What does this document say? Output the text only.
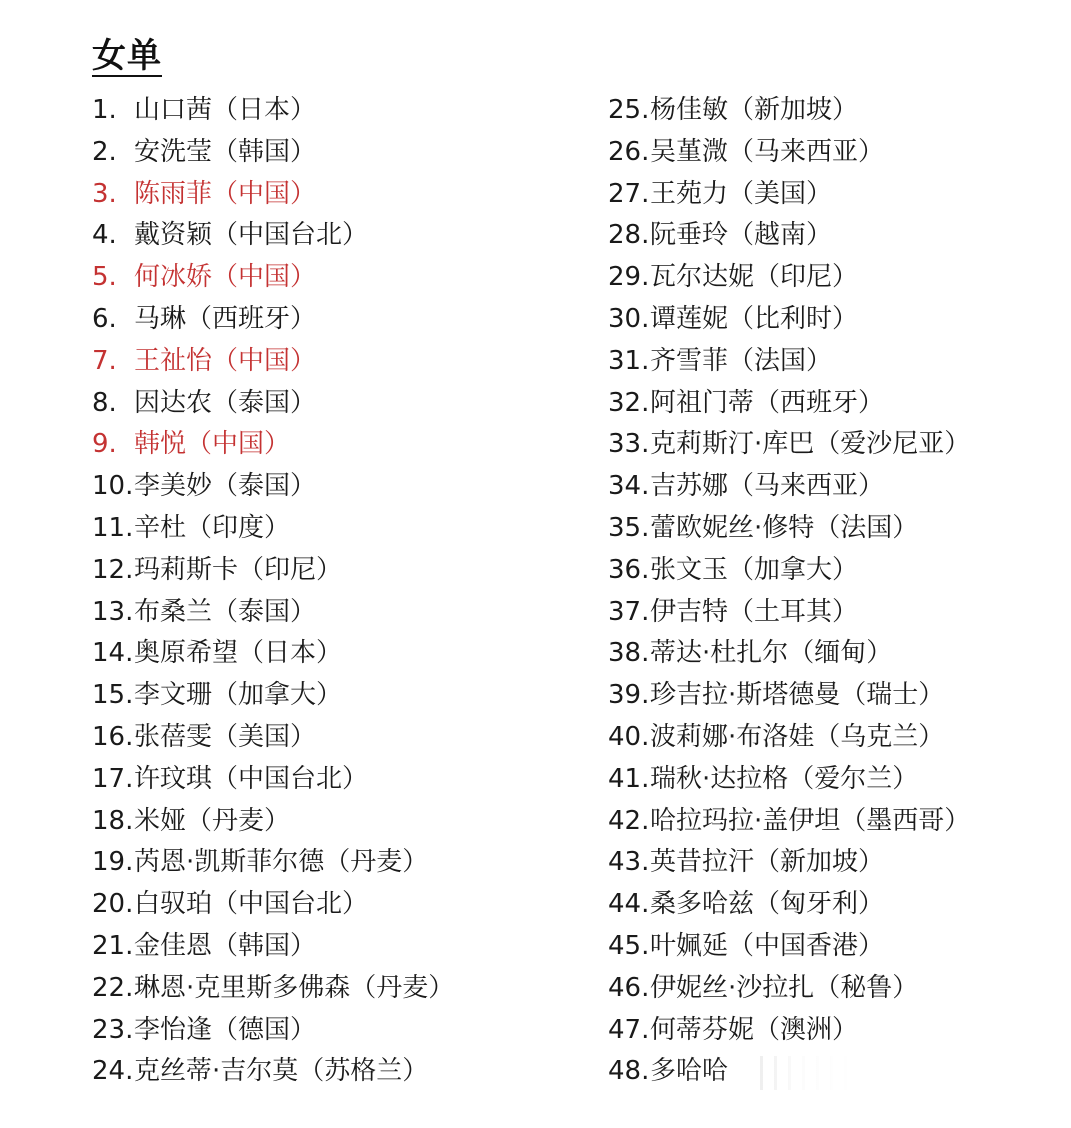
女单
1. 山口茜（日本）
2. 安洗莹（韩国）
3. 陈雨菲（中国）
4. 戴资颖（中国台北）
5. 何冰娇（中国）
6. 马琳（西班牙）
7. 王祉怡（中国）
8. 因达农（泰国）
9. 韩悦（中国）
10. 李美妙（泰国）
11. 辛杜（印度）
12. 玛莉斯卡（印尼）
13. 布桑兰（泰国）
14. 奥原希望（日本）
15. 李文珊（加拿大）
16. 张蓓雯（美国）
17. 许玟琪（中国台北）
18. 米娅（丹麦）
19. 芮恩·凯斯菲尔德（丹麦）
20. 白驭珀（中国台北）
21. 金佳恩（韩国）
22. 琳恩·克里斯多佛森（丹麦）
23. 李怡逢（德国）
24. 克丝蒂·吉尔莫（苏格兰）
25. 杨佳敏（新加坡）
26. 吴堇溦（马来西亚）
27. 王苑力（美国）
28. 阮垂玲（越南）
29. 瓦尔达妮（印尼）
30. 谭莲妮（比利时）
31. 齐雪菲（法国）
32. 阿祖门蒂（西班牙）
33. 克莉斯汀·库巴（爱沙尼亚）
34. 吉苏娜（马来西亚）
35. 蕾欧妮丝·修特（法国）
36. 张文玉（加拿大）
37. 伊吉特（土耳其）
38. 蒂达·杜扎尔（缅甸）
39. 珍吉拉·斯塔德曼（瑞士）
40. 波莉娜·布洛娃（乌克兰）
41. 瑞秋·达拉格（爱尔兰）
42. 哈拉玛拉·盖伊坦（墨西哥）
43. 英昔拉汗（新加坡）
44. 桑多哈兹（匈牙利）
45. 叶姵延（中国香港）
46. 伊妮丝·沙拉扎（秘鲁）
47. 何蒂芬妮（澳洲）
48. 多哈哈
